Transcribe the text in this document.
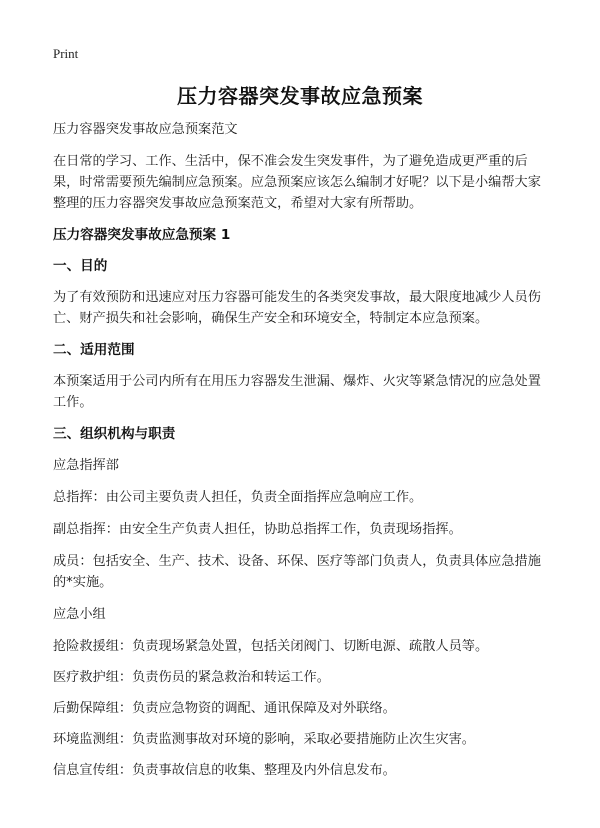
Print
压力容器突发事故应急预案

压力容器突发事故应急预案范文

在日常的学习、工作、生活中，保不准会发生突发事件，为了避免造成更严重的后果，时常需要预先编制应急预案。应急预案应该怎么编制才好呢？以下是小编帮大家整理的压力容器突发事故应急预案范文，希望对大家有所帮助。

压力容器突发事故应急预案 1
一、目的

为了有效预防和迅速应对压力容器可能发生的各类突发事故，最大限度地减少人员伤亡、财产损失和社会影响，确保生产安全和环境安全，特制定本应急预案。

二、适用范围

本预案适用于公司内所有在用压力容器发生泄漏、爆炸、火灾等紧急情况的应急处置工作。

三、组织机构与职责

应急指挥部

总指挥：由公司主要负责人担任，负责全面指挥应急响应工作。

副总指挥：由安全生产负责人担任，协助总指挥工作，负责现场指挥。

成员：包括安全、生产、技术、设备、环保、医疗等部门负责人，负责具体应急措施的*实施。

应急小组

抢险救援组：负责现场紧急处置，包括关闭阀门、切断电源、疏散人员等。

医疗救护组：负责伤员的紧急救治和转运工作。

后勤保障组：负责应急物资的调配、通讯保障及对外联络。

环境监测组：负责监测事故对环境的影响，采取必要措施防止次生灾害。

信息宣传组：负责事故信息的收集、整理及内外信息发布。
